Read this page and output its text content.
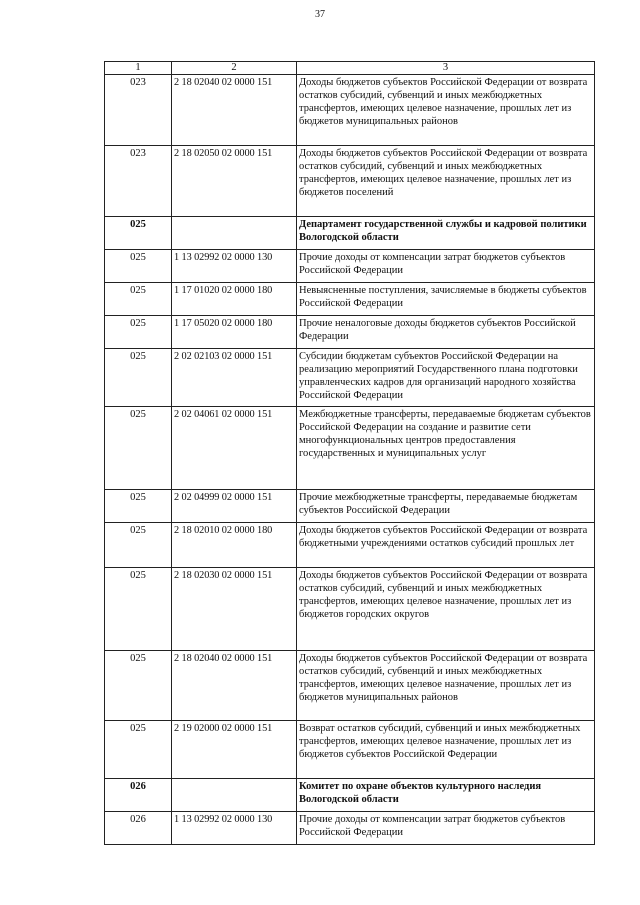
37
1	2	3
023	2 18 02040 02 0000 151	Доходы бюджетов субъектов Российской Федерации от возврата остатков субсидий, субвенций и иных межбюджетных трансфертов, имеющих целевое назначение, прошлых лет из бюджетов муниципальных районов
023	2 18 02050 02 0000 151	Доходы бюджетов субъектов Российской Федерации от возврата остатков субсидий, субвенций и иных межбюджетных трансфертов, имеющих целевое назначение, прошлых лет из бюджетов поселений
025		Департамент государственной службы и кадровой политики Вологодской области
025	1 13 02992 02 0000 130	Прочие доходы от компенсации затрат бюджетов субъектов Российской Федерации
025	1 17 01020 02 0000 180	Невыясненные поступления, зачисляемые в бюджеты субъектов Российской Федерации
025	1 17 05020 02 0000 180	Прочие неналоговые доходы бюджетов субъектов Российской Федерации
025	2 02 02103 02 0000 151	Субсидии бюджетам субъектов Российской Федерации на реализацию мероприятий Государственного плана подготовки управленческих кадров для организаций народного хозяйства Российской Федерации
025	2 02 04061 02 0000 151	Межбюджетные трансферты, передаваемые бюджетам субъектов Российской Федерации на создание и развитие сети многофункциональных центров предоставления государственных и муниципальных услуг
025	2 02 04999 02 0000 151	Прочие межбюджетные трансферты, передаваемые бюджетам субъектов Российской Федерации
025	2 18 02010 02 0000 180	Доходы бюджетов субъектов Российской Федерации от возврата бюджетными учреждениями остатков субсидий прошлых лет
025	2 18 02030 02 0000 151	Доходы бюджетов субъектов Российской Федерации от возврата остатков субсидий, субвенций и иных межбюджетных трансфертов, имеющих целевое назначение, прошлых лет из бюджетов городских округов
025	2 18 02040 02 0000 151	Доходы бюджетов субъектов Российской Федерации от возврата остатков субсидий, субвенций и иных межбюджетных трансфертов, имеющих целевое назначение, прошлых лет из бюджетов муниципальных районов
025	2 19 02000 02 0000 151	Возврат остатков субсидий, субвенций и иных межбюджетных трансфертов, имеющих целевое назначение, прошлых лет из бюджетов субъектов Российской Федерации
026		Комитет по охране объектов культурного наследия Вологодской области
026	1 13 02992 02 0000 130	Прочие доходы от компенсации затрат бюджетов субъектов Российской Федерации
